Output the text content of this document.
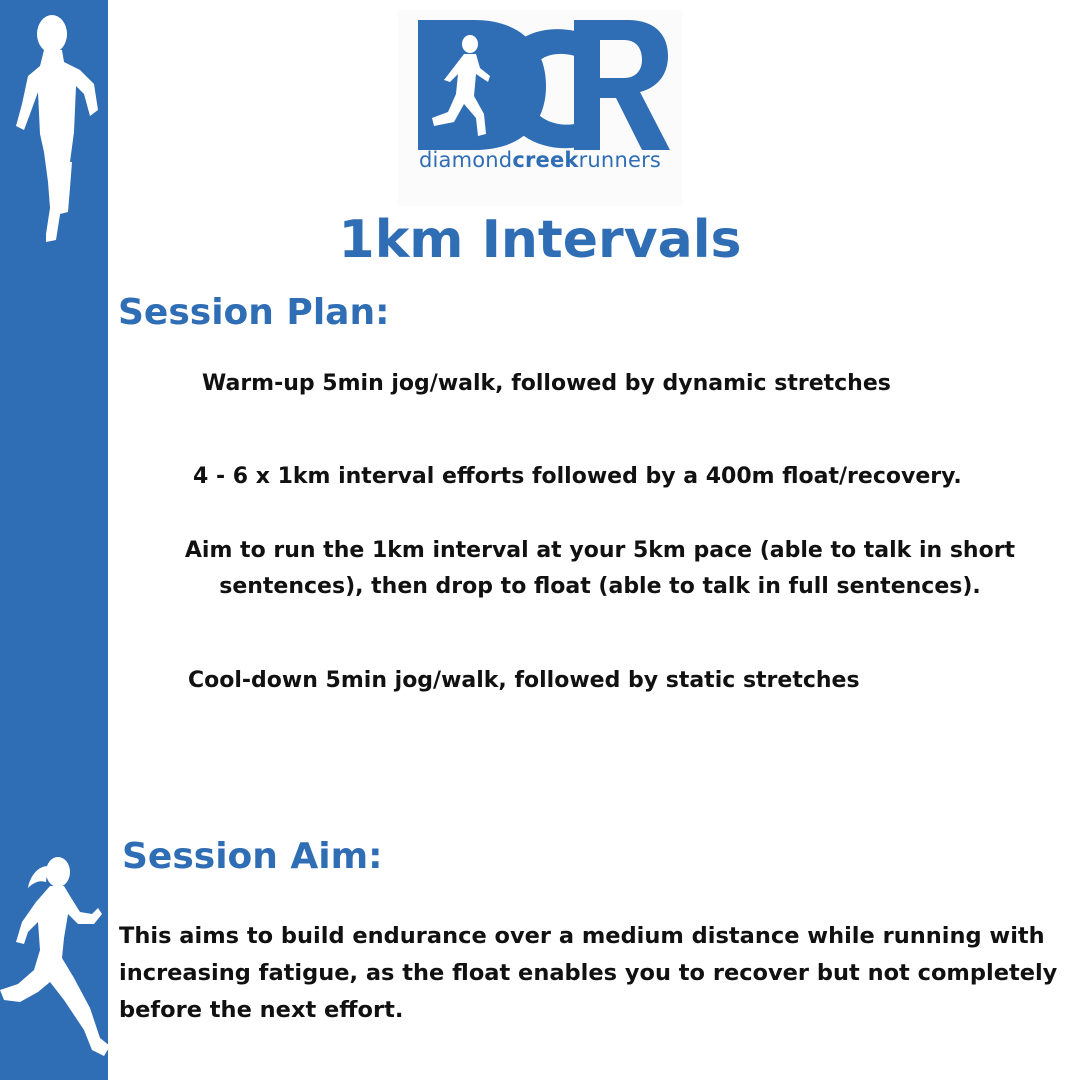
diamondcreekrunners
1km Intervals
Session Plan:

Warm-up 5min jog/walk, followed by dynamic stretches

4 - 6 x 1km interval efforts followed by a 400m float/recovery.

Aim to run the 1km interval at your 5km pace (able to talk in short sentences), then drop to float (able to talk in full sentences).

Cool-down 5min jog/walk, followed by static stretches

Session Aim:

This aims to build endurance over a medium distance while running with increasing fatigue, as the float enables you to recover but not completely before the next effort.
